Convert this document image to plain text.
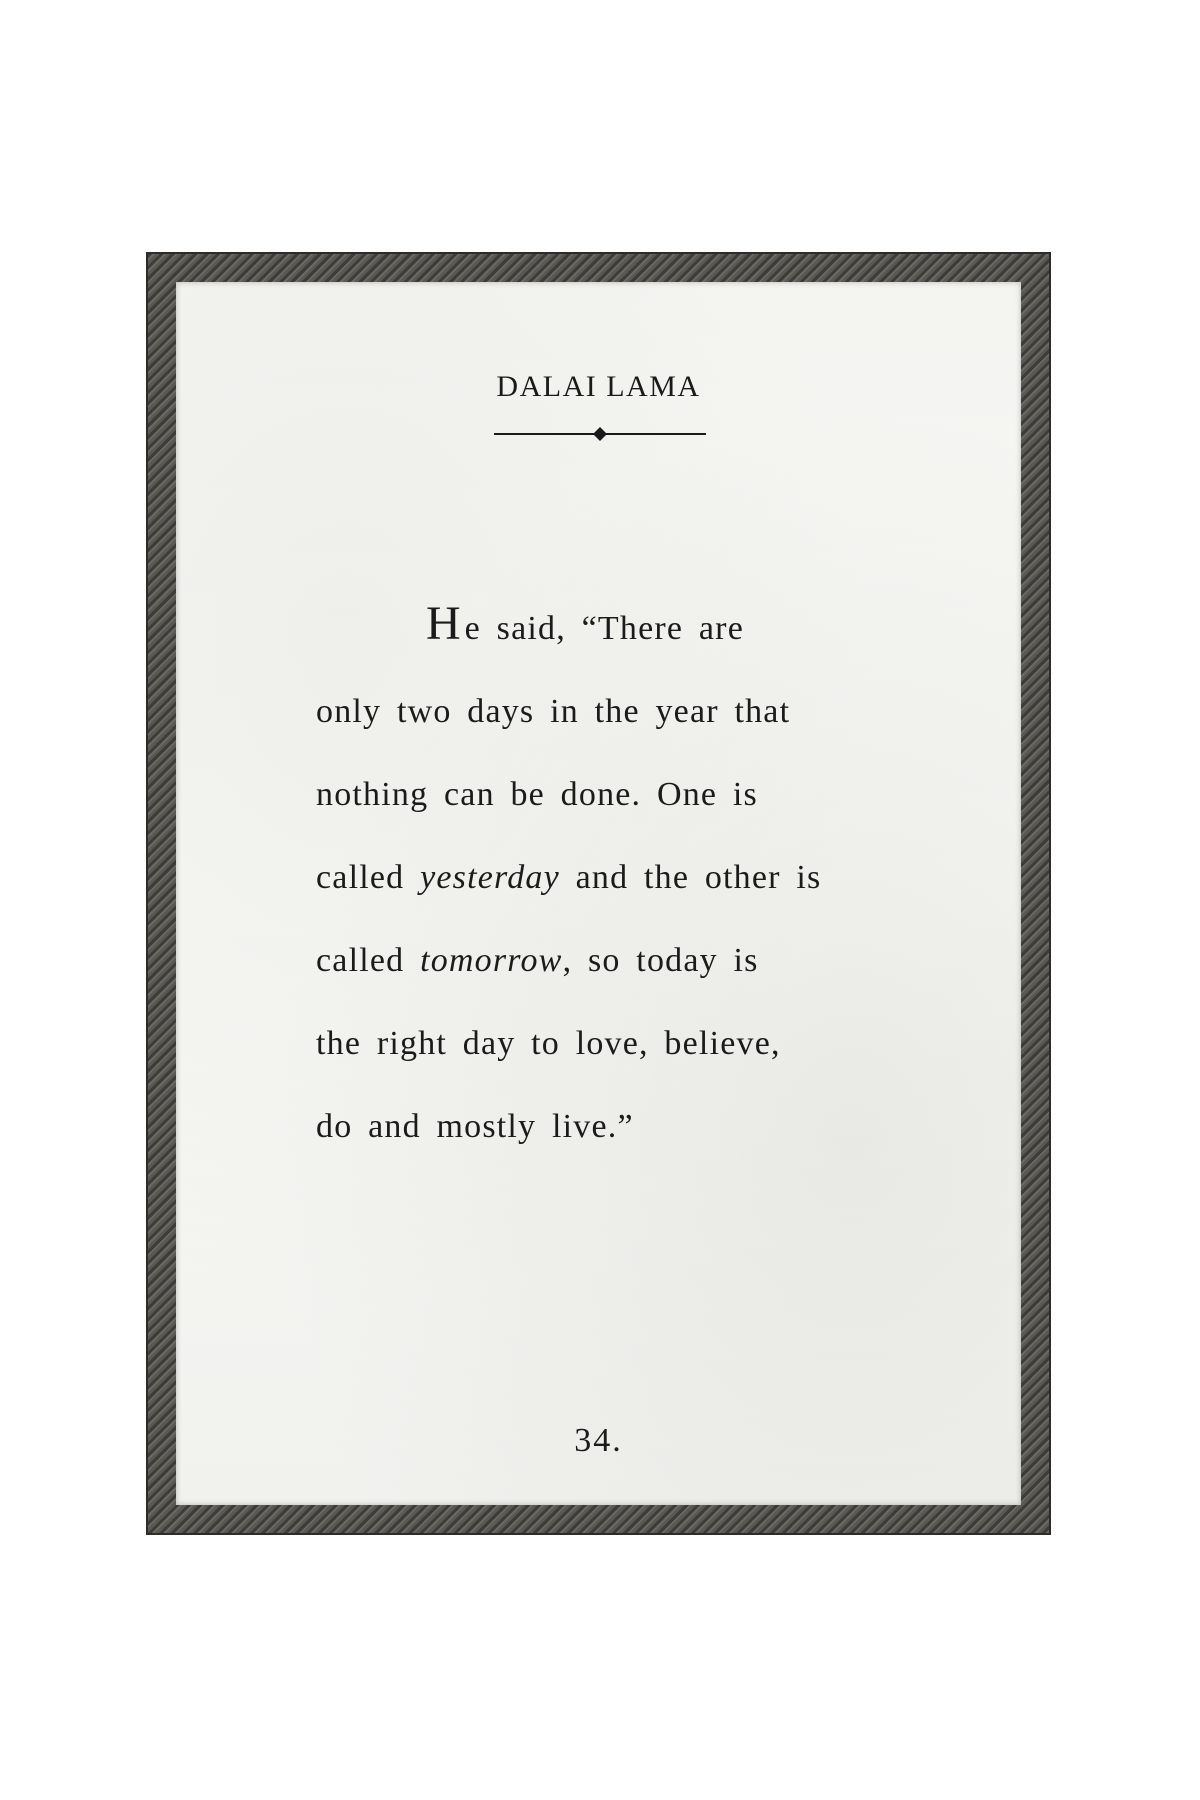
DALAI LAMA
He said, “There are
only two days in the year that
nothing can be done. One is
called yesterday and the other is
called tomorrow, so today is
the right day to love, believe,
do and mostly live.”
34.
